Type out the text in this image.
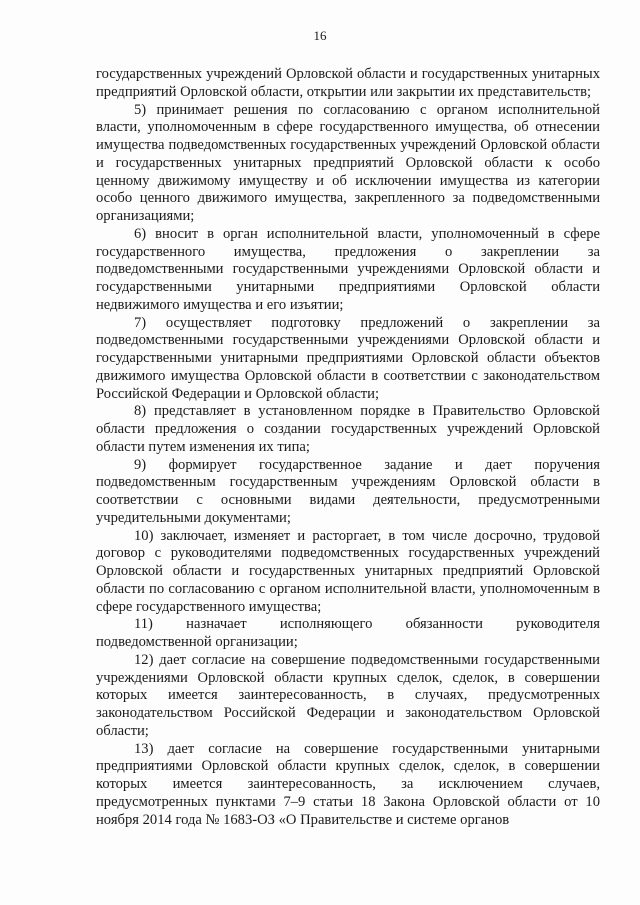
16

государственных учреждений Орловской области и государственных унитарных предприятий Орловской области, открытии или закрытии их представительств;

5) принимает решения по согласованию с органом исполнительной власти, уполномоченным в сфере государственного имущества, об отнесении имущества подведомственных государственных учреждений Орловской области и государственных унитарных предприятий Орловской области к особо ценному движимому имуществу и об исключении имущества из категории особо ценного движимого имущества, закрепленного за подведомственными организациями;

6) вносит в орган исполнительной власти, уполномоченный в сфере государственного имущества, предложения о закреплении за подведомственными государственными учреждениями Орловской области и государственными унитарными предприятиями Орловской области недвижимого имущества и его изъятии;

7) осуществляет подготовку предложений о закреплении за подведомственными государственными учреждениями Орловской области и государственными унитарными предприятиями Орловской области объектов движимого имущества Орловской области в соответствии с законодательством Российской Федерации и Орловской области;

8) представляет в установленном порядке в Правительство Орловской области предложения о создании государственных учреждений Орловской области путем изменения их типа;

9) формирует государственное задание и дает поручения подведомственным государственным учреждениям Орловской области в соответствии с основными видами деятельности, предусмотренными учредительными документами;

10) заключает, изменяет и расторгает, в том числе досрочно, трудовой договор с руководителями подведомственных государственных учреждений Орловской области и государственных унитарных предприятий Орловской области по согласованию с органом исполнительной власти, уполномоченным в сфере государственного имущества;

11) назначает исполняющего обязанности руководителя подведомственной организации;

12) дает согласие на совершение подведомственными государственными учреждениями Орловской области крупных сделок, сделок, в совершении которых имеется заинтересованность, в случаях, предусмотренных законодательством Российской Федерации и законодательством Орловской области;

13) дает согласие на совершение государственными унитарными предприятиями Орловской области крупных сделок, сделок, в совершении которых имеется заинтересованность, за исключением случаев, предусмотренных пунктами 7–9 статьи 18 Закона Орловской области от 10 ноября 2014 года № 1683-ОЗ «О Правительстве и системе органов
